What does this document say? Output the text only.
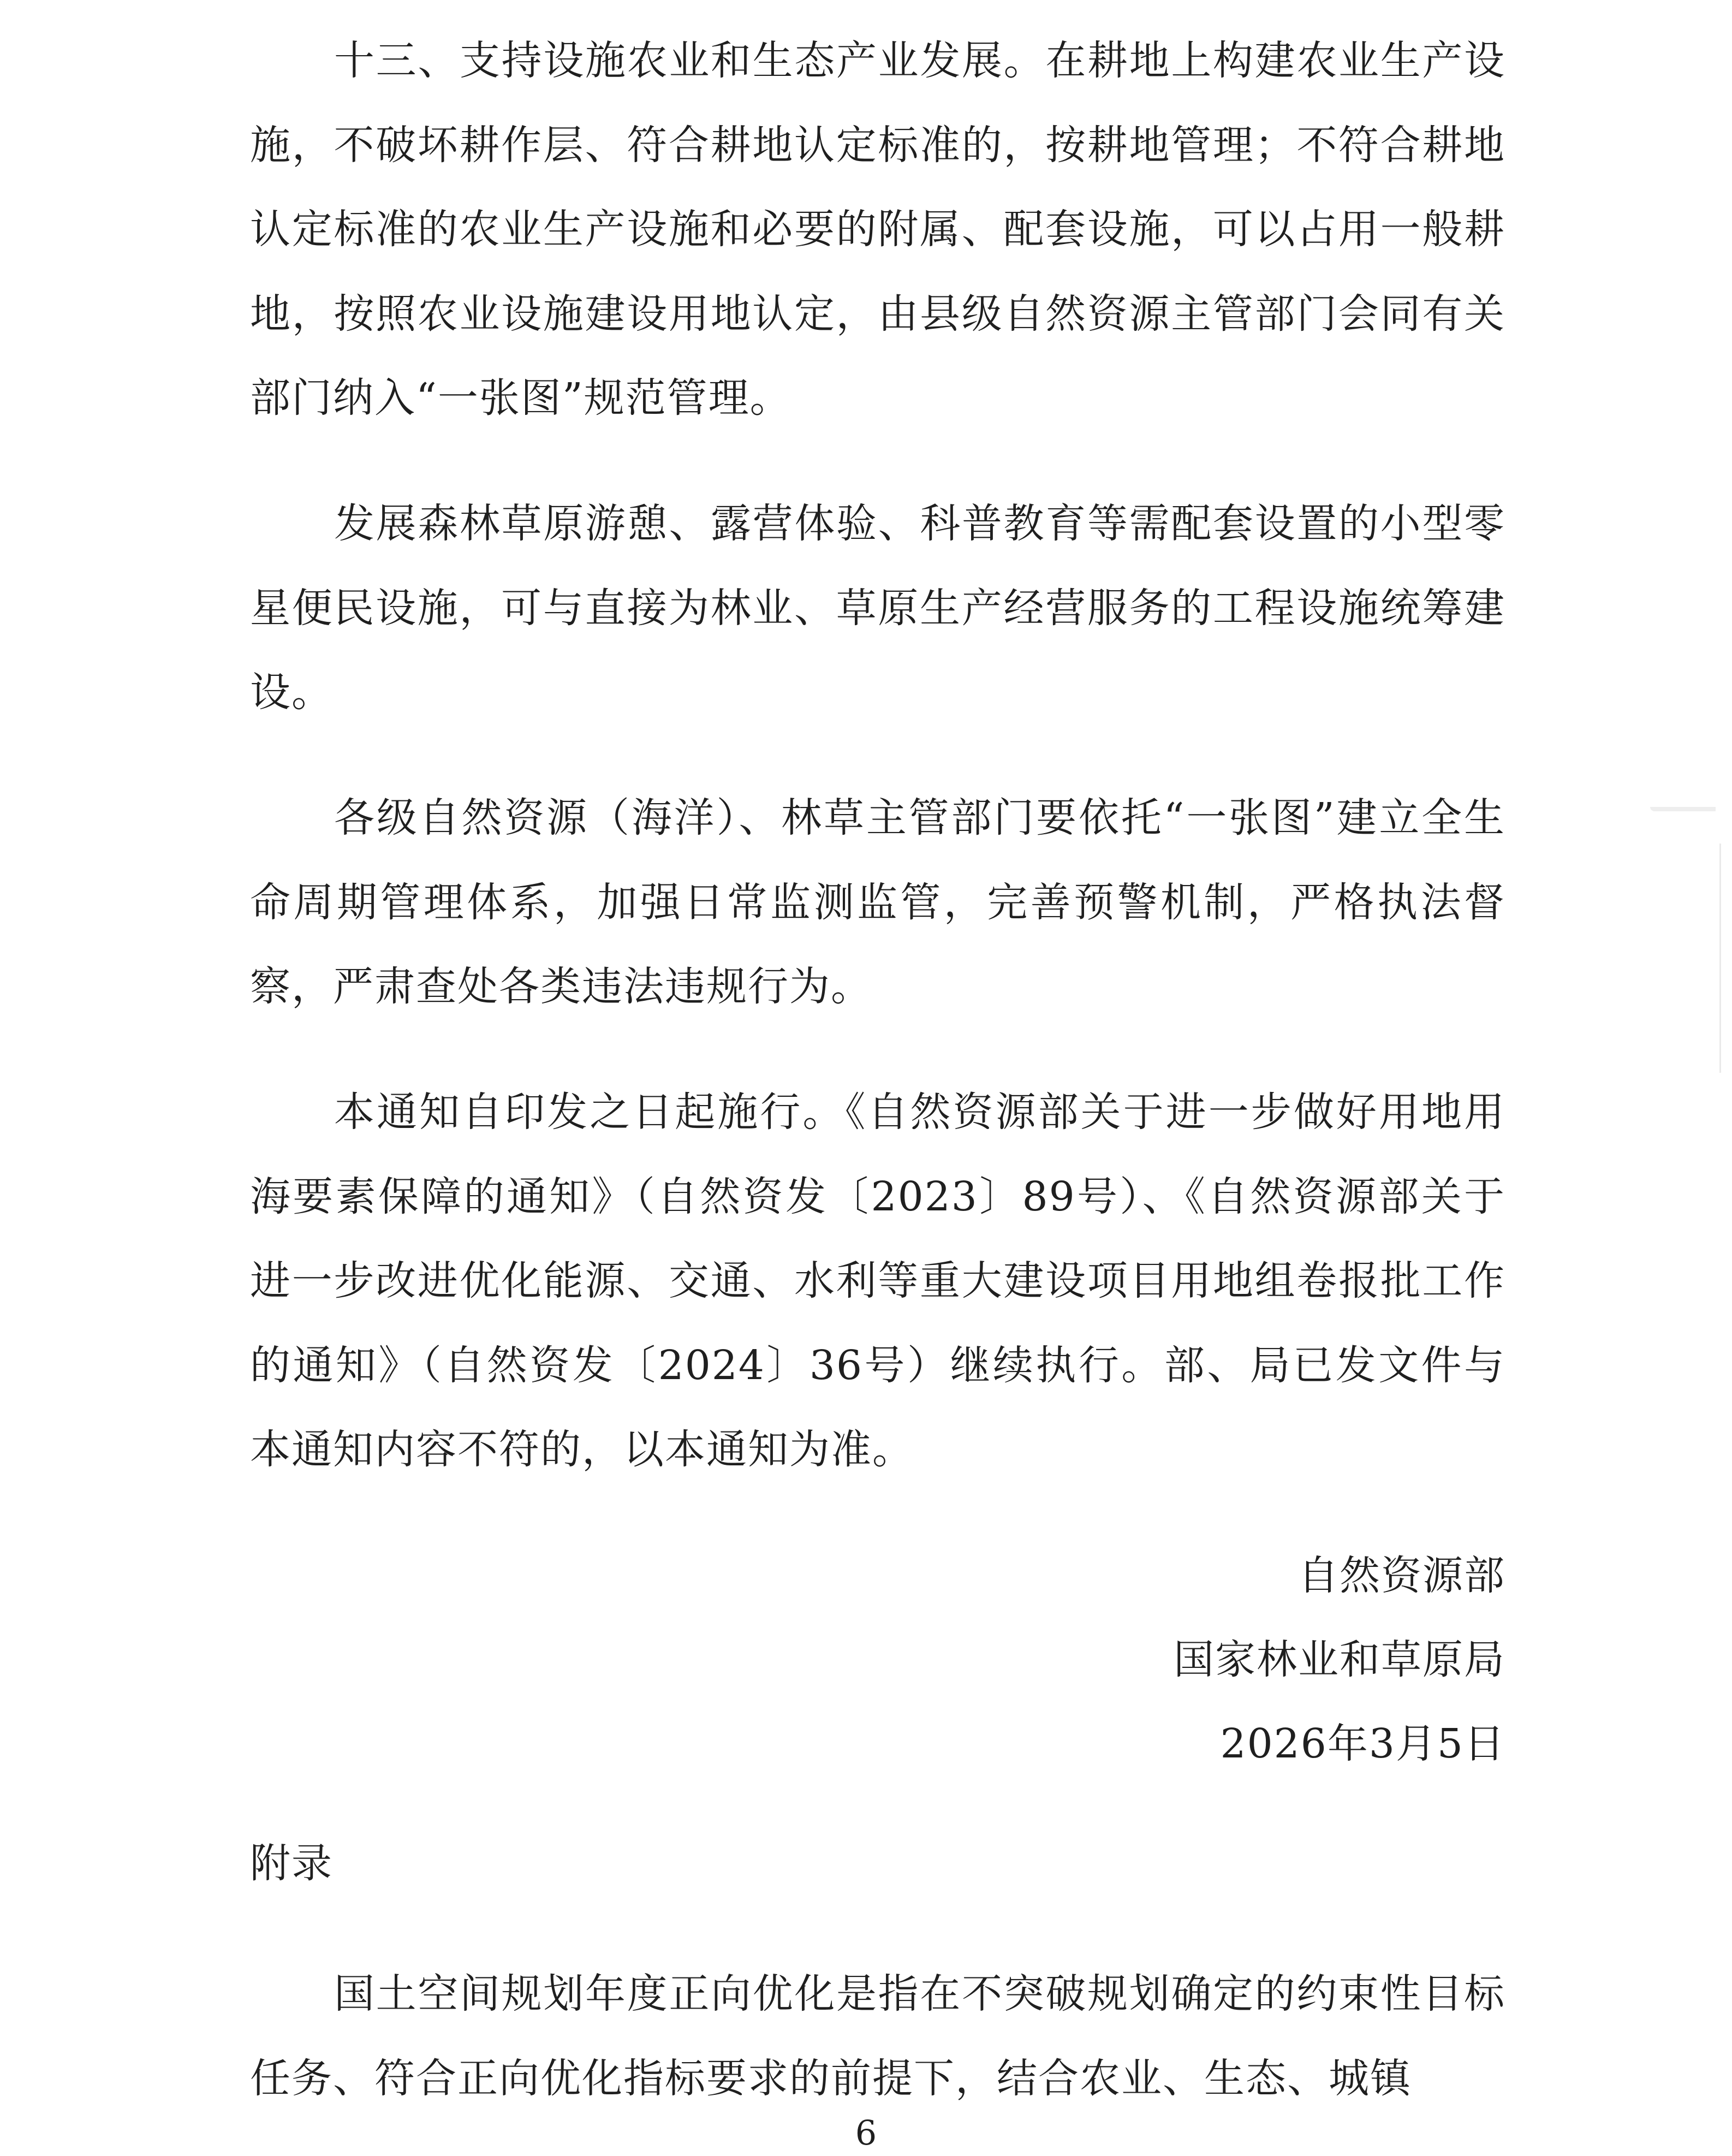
十三、支持设施农业和生态产业发展。在耕地上构建农业生产设施，不破坏耕作层、符合耕地认定标准的，按耕地管理；不符合耕地认定标准的农业生产设施和必要的附属、配套设施，可以占用一般耕地，按照农业设施建设用地认定，由县级自然资源主管部门会同有关部门纳入“一张图”规范管理。

发展森林草原游憩、露营体验、科普教育等需配套设置的小型零星便民设施，可与直接为林业、草原生产经营服务的工程设施统筹建设。

各级自然资源（海洋）、林草主管部门要依托“一张图”建立全生命周期管理体系，加强日常监测监管，完善预警机制，严格执法督察，严肃查处各类违法违规行为。

本通知自印发之日起施行。《自然资源部关于进一步做好用地用海要素保障的通知》（自然资发〔2023〕89号）、《自然资源部关于进一步改进优化能源、交通、水利等重大建设项目用地组卷报批工作的通知》（自然资发〔2024〕36号）继续执行。部、局已发文件与本通知内容不符的，以本通知为准。

自然资源部

国家林业和草原局

2026年3月5日

附录

国土空间规划年度正向优化是指在不突破规划确定的约束性目标任务、符合正向优化指标要求的前提下，结合农业、生态、城镇

6
